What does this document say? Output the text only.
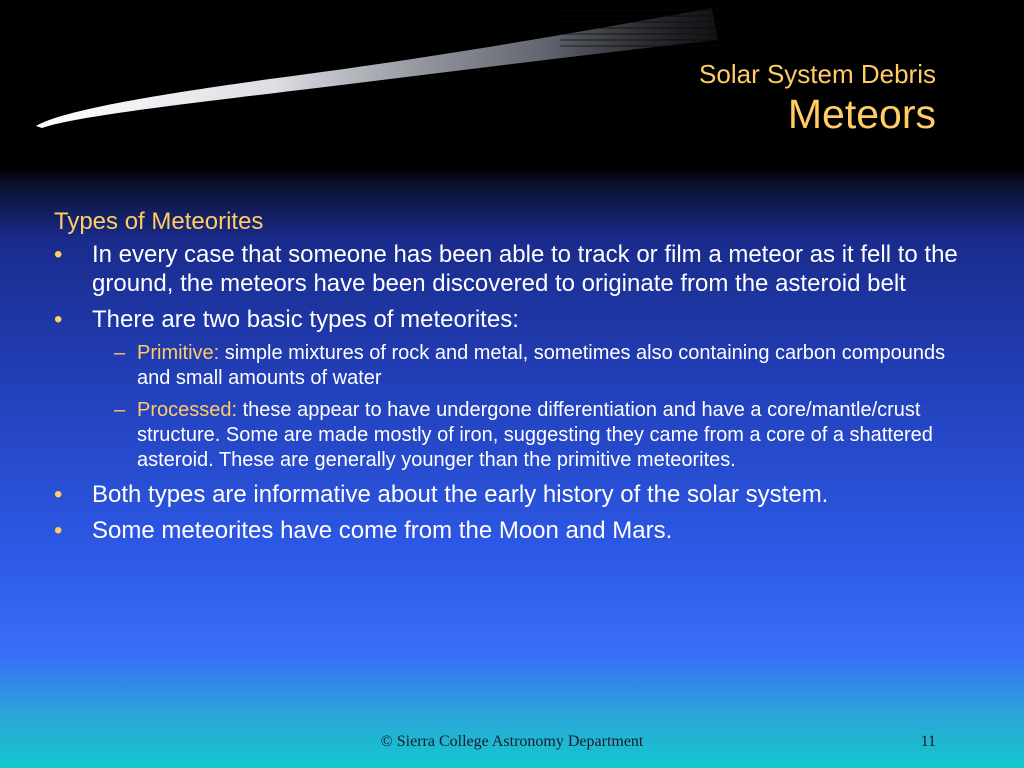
Solar System Debris
Meteors
Types of Meteorites
• In every case that someone has been able to track or film a meteor as it fell to the ground, the meteors have been discovered to originate from the asteroid belt
• There are two basic types of meteorites:
– Primitive: simple mixtures of rock and metal, sometimes also containing carbon compounds and small amounts of water
– Processed: these appear to have undergone differentiation and have a core/mantle/crust structure. Some are made mostly of iron, suggesting they came from a core of a shattered asteroid. These are generally younger than the primitive meteorites.
• Both types are informative about the early history of the solar system.
• Some meteorites have come from the Moon and Mars.
© Sierra College Astronomy Department	11
